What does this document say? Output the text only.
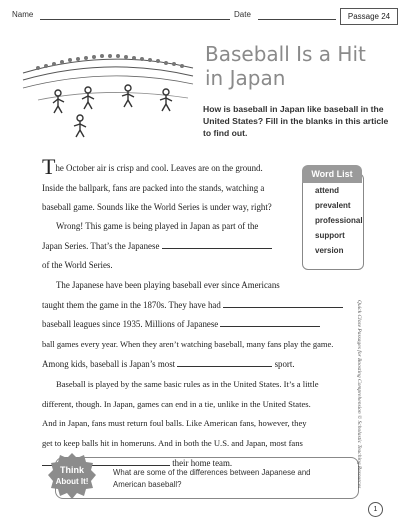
Name	Date	Passage 24
Baseball Is a Hit
in Japan
How is baseball in Japan like baseball in the United States? Fill in the blanks in this article to find out.
Word List
attend
prevalent
professional
support
version
The October air is crisp and cool. Leaves are on the ground.
Inside the ballpark, fans are packed into the stands, watching a
baseball game. Sounds like the World Series is under way, right?
Wrong! This game is being played in Japan as part of the
Japan Series. That’s the Japanese
of the World Series.
The Japanese have been playing baseball ever since Americans
taught them the game in the 1870s. They have had
baseball leagues since 1935. Millions of Japanese
ball games every year. When they aren’t watching baseball, many fans play the game.
Among kids, baseball is Japan’s most	sport.
Baseball is played by the same basic rules as in the United States. It’s a little
different, though. In Japan, games can end in a tie, unlike in the United States.
And in Japan, fans must return foul balls. Like American fans, however, they
get to keep balls hit in homeruns. And in both the U.S. and Japan, most fans
their home team.
Think
About It!
What are some of the differences between Japanese and American baseball?	Quick Cloze Passages for Boosting Comprehension © Scholastic Teaching Resources
1
